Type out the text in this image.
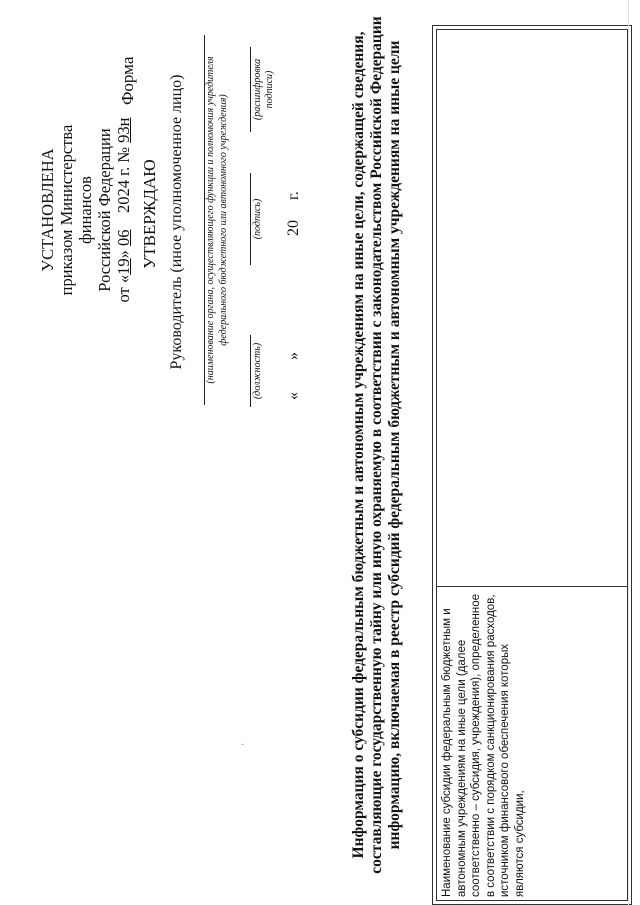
УСТАНОВЛЕНА приказом Министерства финансов Российской Федерации от «19» 06    2024 г. № 93н
Форма
УТВЕРЖДАЮ Руководитель (иное уполномоченное лицо) (наименование органа, осуществляющего функции и полномочия учредителя федерального бюджетного или автономного учреждения)
(должность)
(подпись)
(расшифровка подписи)
«        »                             20     г.	Информация о субсидии федеральным бюджетным и автономным учреждениям на иные цели, содержащей сведения, составляющие государственную тайну или иную охраняемую в соответствии с законодательством Российской Федерации информацию, включаемая в реестр субсидий федеральным бюджетным и автономным учреждениям на иные цели	Наименование субсидии федеральным бюджетным и автономным учреждениям на иные цели (далее соответственно – субсидия, учреждения), определенное в соответствии с порядком санкционирования расходов, источником финансового обеспечения которых являются субсидии,
'
